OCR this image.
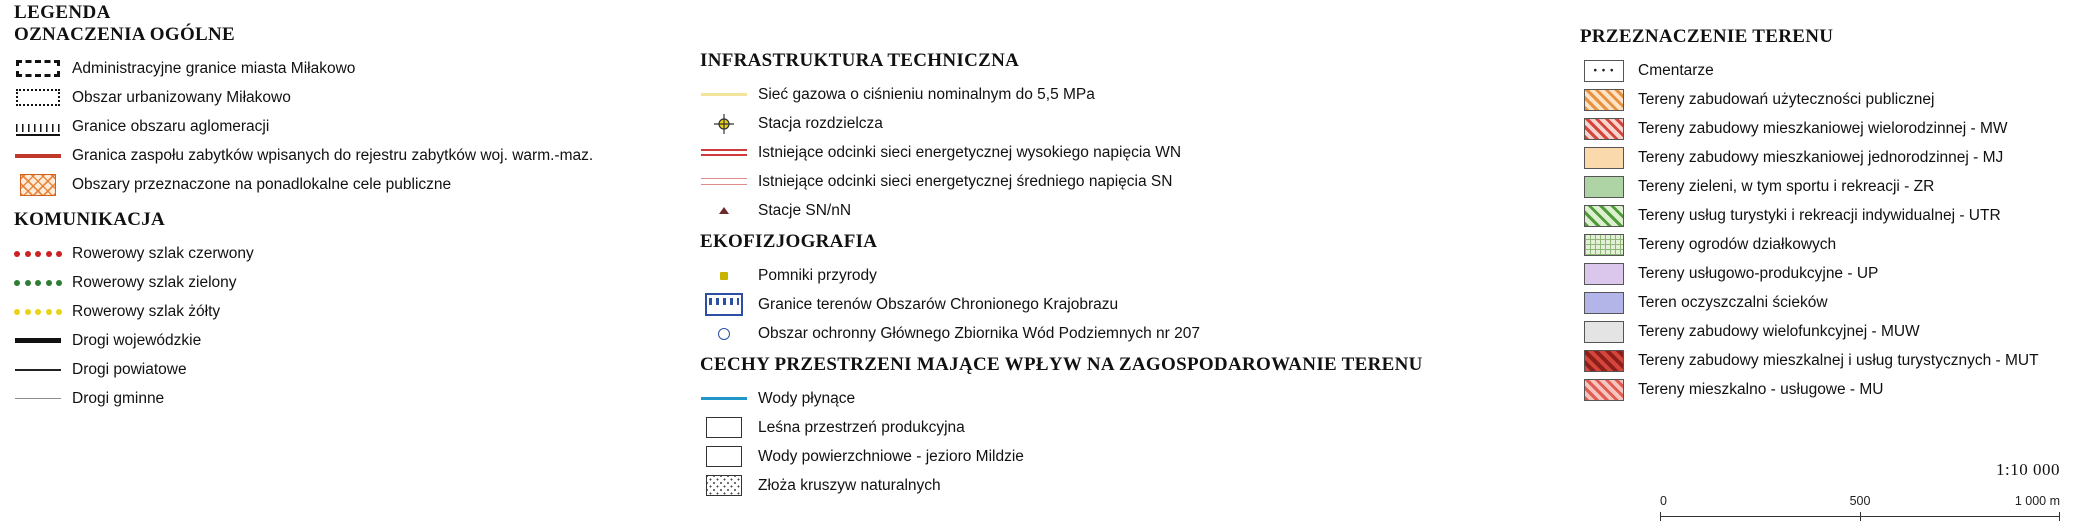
LEGENDA
OZNACZENIA OGÓLNE
Administracyjne granice miasta Miłakowo
Obszar urbanizowany Miłakowo
Granice obszaru aglomeracji
Granica zaspołu zabytków wpisanych do rejestru zabytków woj. warm.-maz.
Obszary przeznaczone na ponadlokalne cele publiczne
KOMUNIKACJA
Rowerowy szlak czerwony
Rowerowy szlak zielony
Rowerowy szlak żółty
Drogi wojewódzkie
Drogi powiatowe
Drogi gminne
INFRASTRUKTURA TECHNICZNA
Sieć gazowa o ciśnieniu nominalnym do 5,5 MPa
Stacja rozdzielcza
Istniejące odcinki sieci energetycznej wysokiego napięcia WN
Istniejące odcinki sieci energetycznej średniego napięcia SN
Stacje SN/nN
EKOFIZJOGRAFIA
Pomniki przyrody
Granice terenów Obszarów Chronionego Krajobrazu
Obszar ochronny Głównego Zbiornika Wód Podziemnych nr 207
CECHY PRZESTRZENI MAJĄCE WPŁYW NA ZAGOSPODAROWANIE TERENU
Wody płynące
Leśna przestrzeń produkcyjna
Wody powierzchniowe - jezioro Mildzie
Złoża kruszyw naturalnych
PRZEZNACZENIE TERENU
• •
Cmentarze
Tereny zabudowań użyteczności publicznej
Tereny zabudowy mieszkaniowej wielorodzinnej - MW
Tereny zabudowy mieszkaniowej jednorodzinnej - MJ
Tereny zieleni, w tym sportu i rekreacji - ZR
Tereny usług turystyki i rekreacji indywidualnej - UTR
Tereny ogrodów działkowych
Tereny usługowo-produkcyjne - UP
Teren oczyszczalni ścieków
Tereny zabudowy wielofunkcyjnej - MUW
Tereny zabudowy mieszkalnej i usług turystycznych - MUT
Tereny mieszkalno - usługowe - MU
1:10 000
0	500	1 000 m
